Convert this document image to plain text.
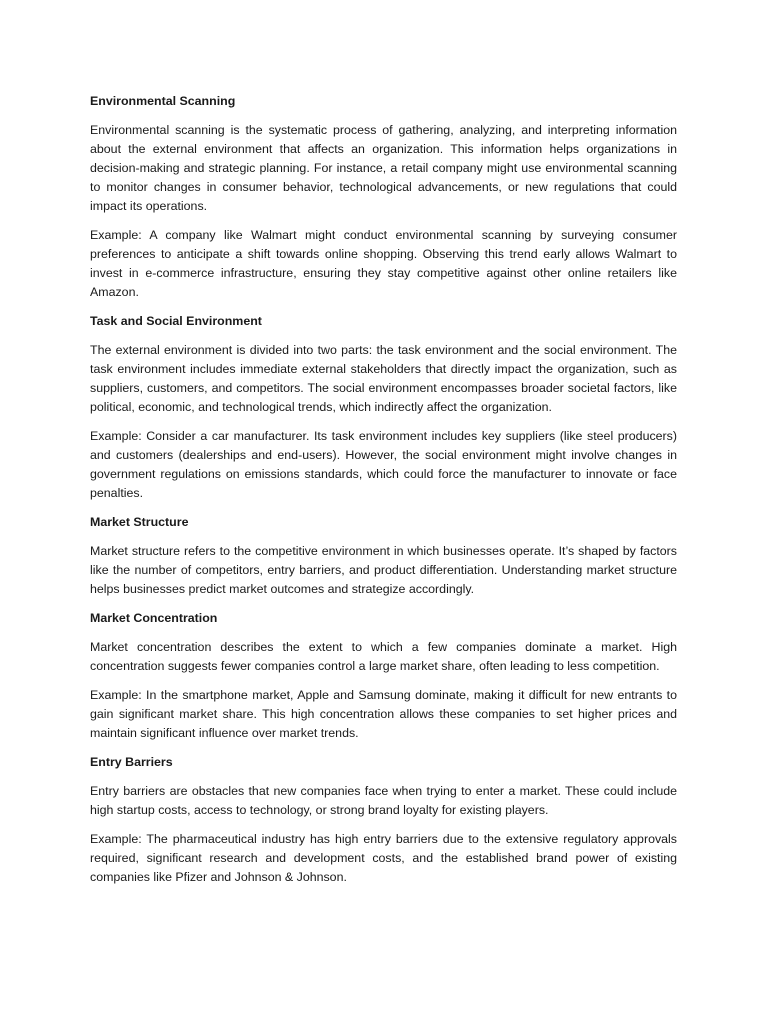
Environmental Scanning

Environmental scanning is the systematic process of gathering, analyzing, and interpreting information about the external environment that affects an organization. This information helps organizations in decision-making and strategic planning. For instance, a retail company might use environmental scanning to monitor changes in consumer behavior, technological advancements, or new regulations that could impact its operations.

Example: A company like Walmart might conduct environmental scanning by surveying consumer preferences to anticipate a shift towards online shopping. Observing this trend early allows Walmart to invest in e-commerce infrastructure, ensuring they stay competitive against other online retailers like Amazon.

Task and Social Environment

The external environment is divided into two parts: the task environment and the social environment. The task environment includes immediate external stakeholders that directly impact the organization, such as suppliers, customers, and competitors. The social environment encompasses broader societal factors, like political, economic, and technological trends, which indirectly affect the organization.

Example: Consider a car manufacturer. Its task environment includes key suppliers (like steel producers) and customers (dealerships and end-users). However, the social environment might involve changes in government regulations on emissions standards, which could force the manufacturer to innovate or face penalties.

Market Structure

Market structure refers to the competitive environment in which businesses operate. It’s shaped by factors like the number of competitors, entry barriers, and product differentiation. Understanding market structure helps businesses predict market outcomes and strategize accordingly.

Market Concentration

Market concentration describes the extent to which a few companies dominate a market. High concentration suggests fewer companies control a large market share, often leading to less competition.

Example: In the smartphone market, Apple and Samsung dominate, making it difficult for new entrants to gain significant market share. This high concentration allows these companies to set higher prices and maintain significant influence over market trends.

Entry Barriers

Entry barriers are obstacles that new companies face when trying to enter a market. These could include high startup costs, access to technology, or strong brand loyalty for existing players.

Example: The pharmaceutical industry has high entry barriers due to the extensive regulatory approvals required, significant research and development costs, and the established brand power of existing companies like Pfizer and Johnson & Johnson.
